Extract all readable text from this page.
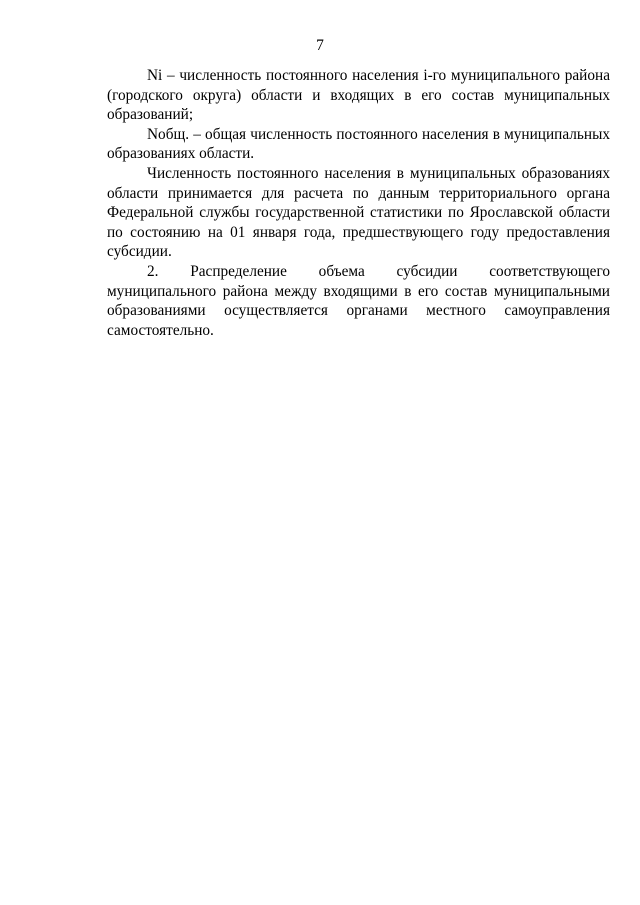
7

Ni – численность постоянного населения i-го муниципального района (городского округа) области и входящих в его состав муниципальных образований;

Nобщ. – общая численность постоянного населения в муниципальных образованиях области.

Численность постоянного населения в муниципальных образованиях области принимается для расчета по данным территориального органа Федеральной службы государственной статистики по Ярославской области по состоянию на 01 января года, предшествующего году предоставления субсидии.

2. Распределение объема субсидии соответствующего муниципального района между входящими в его состав муниципальными образованиями осуществляется органами местного самоуправления самостоятельно.
